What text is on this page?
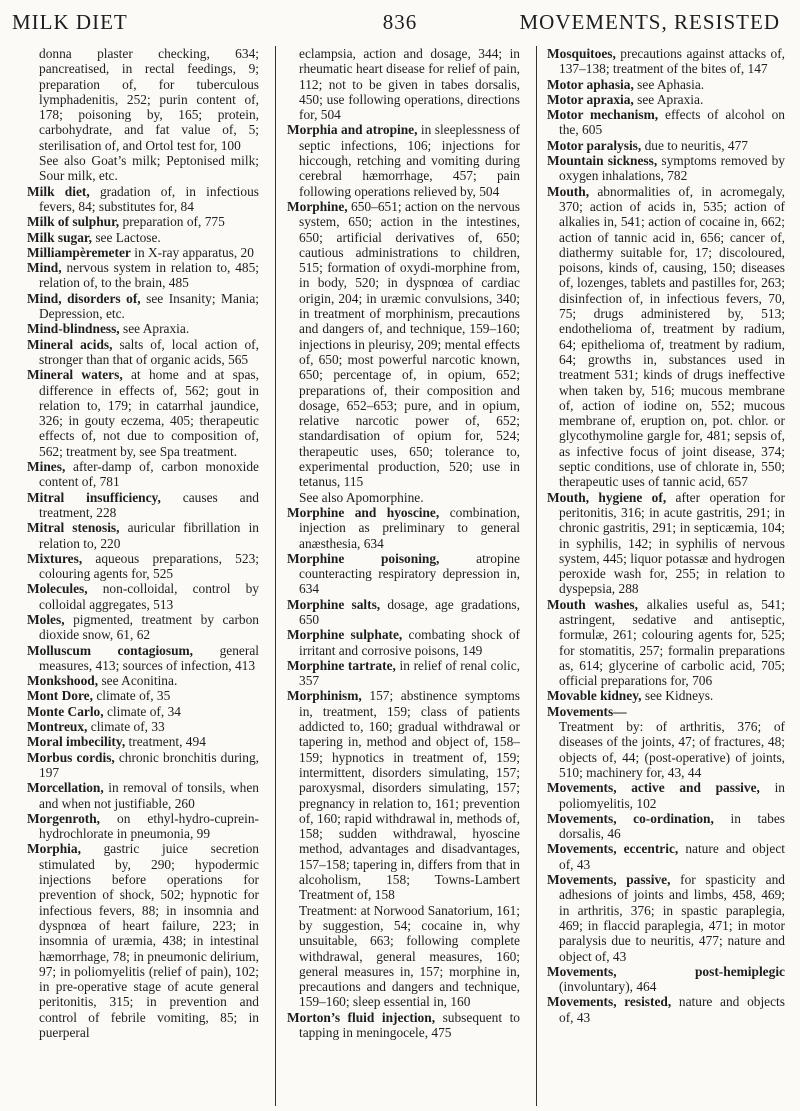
MILK DIET	836	MOVEMENTS, RESISTED

donna plaster checking, 634; pancreatised, in rectal feedings, 9; preparation of, for tuberculous lymphadenitis, 252; purin content of, 178; poisoning by, 165; protein, carbohydrate, and fat value of, 5; sterilisation of, and Ortol test for, 100

See also Goat’s milk; Peptonised milk; Sour milk, etc.

Milk diet, gradation of, in infectious fevers, 84; substitutes for, 84

Milk of sulphur, preparation of, 775

Milk sugar, see Lactose.

Milliampèremeter in X-ray apparatus, 20

Mind, nervous system in relation to, 485; relation of, to the brain, 485

Mind, disorders of, see Insanity; Mania; Depression, etc.

Mind-blindness, see Apraxia.

Mineral acids, salts of, local action of, stronger than that of organic acids, 565

Mineral waters, at home and at spas, difference in effects of, 562; gout in relation to, 179; in catarrhal jaundice, 326; in gouty eczema, 405; therapeutic effects of, not due to composition of, 562; treatment by, see Spa treatment.

Mines, after-damp of, carbon monoxide content of, 781

Mitral insufficiency, causes and treatment, 228

Mitral stenosis, auricular fibrillation in relation to, 220

Mixtures, aqueous preparations, 523; colouring agents for, 525

Molecules, non-colloidal, control by colloidal aggregates, 513

Moles, pigmented, treatment by carbon dioxide snow, 61, 62

Molluscum contagiosum, general measures, 413; sources of infection, 413

Monkshood, see Aconitina.

Mont Dore, climate of, 35

Monte Carlo, climate of, 34

Montreux, climate of, 33

Moral imbecility, treatment, 494

Morbus cordis, chronic bronchitis during, 197

Morcellation, in removal of tonsils, when and when not justifiable, 260

Morgenroth, on ethyl-hydro-cuprein-hydrochlorate in pneumonia, 99

Morphia, gastric juice secretion stimulated by, 290; hypodermic injections before operations for prevention of shock, 502; hypnotic for infectious fevers, 88; in insomnia and dyspnœa of heart failure, 223; in insomnia of uræmia, 438; in intestinal hæmorrhage, 78; in pneumonic delirium, 97; in poliomyelitis (relief of pain), 102; in pre-operative stage of acute general peritonitis, 315; in prevention and control of febrile vomiting, 85; in puerperal

eclampsia, action and dosage, 344; in rheumatic heart disease for relief of pain, 112; not to be given in tabes dorsalis, 450; use following operations, directions for, 504

Morphia and atropine, in sleeplessness of septic infections, 106; injections for hiccough, retching and vomiting during cerebral hæmorrhage, 457; pain following operations relieved by, 504

Morphine, 650–651; action on the nervous system, 650; action in the intestines, 650; artificial derivatives of, 650; cautious administrations to children, 515; formation of oxydi-morphine from, in body, 520; in dyspnœa of cardiac origin, 204; in uræmic convulsions, 340; in treatment of morphinism, precautions and dangers of, and technique, 159–160; injections in pleurisy, 209; mental effects of, 650; most powerful narcotic known, 650; percentage of, in opium, 652; preparations of, their composition and dosage, 652–653; pure, and in opium, relative narcotic power of, 652; standardisation of opium for, 524; therapeutic uses, 650; tolerance to, experimental production, 520; use in tetanus, 115

See also Apomorphine.

Morphine and hyoscine, combination, injection as preliminary to general anæsthesia, 634

Morphine poisoning,	atropine counteracting respiratory depression in, 634

Morphine salts, dosage, age gradations, 650

Morphine sulphate, combating shock of irritant and corrosive poisons, 149

Morphine tartrate, in relief of renal colic, 357

Morphinism, 157; abstinence symptoms in, treatment, 159; class of patients addicted to, 160; gradual withdrawal or tapering in, method and object of, 158–159; hypnotics in treatment of, 159; intermittent, disorders simulating, 157; paroxysmal, disorders simulating, 157; pregnancy in relation to, 161; prevention of, 160; rapid withdrawal in, methods of, 158; sudden withdrawal, hyoscine method, advantages and disadvantages, 157–158; tapering in, differs from that in alcoholism, 158; Towns-Lambert Treatment of, 158

Treatment: at Norwood Sanatorium, 161; by suggestion, 54; cocaine in, why unsuitable, 663; following complete withdrawal, general measures, 160; general measures in, 157; morphine in, precautions and dangers and technique, 159–160; sleep essential in, 160

Morton’s fluid injection, subsequent to tapping in meningocele, 475

Mosquitoes, precautions against attacks of, 137–138; treatment of the bites of, 147

Motor aphasia, see Aphasia.

Motor apraxia, see Apraxia.

Motor mechanism, effects of alcohol on the, 605

Motor paralysis, due to neuritis, 477

Mountain sickness, symptoms removed by oxygen inhalations, 782

Mouth, abnormalities of, in acromegaly, 370; action of acids in, 535; action of alkalies in, 541; action of cocaine in, 662; action of tannic acid in, 656; cancer of, diathermy suitable for, 17; discoloured, poisons, kinds of, causing, 150; diseases of, lozenges, tablets and pastilles for, 263; disinfection of, in infectious fevers, 70, 75; drugs administered by, 513; endothelioma of, treatment by radium, 64; epithelioma of, treatment by radium, 64; growths in, substances used in treatment 531; kinds of drugs ineffective when taken by, 516; mucous membrane of, action of iodine on, 552; mucous membrane of, eruption on, pot. chlor. or glycothymoline gargle for, 481; sepsis of, as infective focus of joint disease, 374; septic conditions, use of chlorate in, 550; therapeutic uses of tannic acid, 657

Mouth, hygiene of, after operation for peritonitis, 316; in acute gastritis, 291; in chronic gastritis, 291; in septicæmia, 104; in syphilis, 142; in syphilis of nervous system, 445; liquor potassæ and hydrogen peroxide wash for, 255; in relation to dyspepsia, 288

Mouth washes, alkalies useful as, 541; astringent, sedative and antiseptic, formulæ, 261; colouring agents for, 525; for stomatitis, 257; formalin preparations as, 614; glycerine of carbolic acid, 705; official preparations for, 706

Movable kidney, see Kidneys.

Movements—

Treatment by: of arthritis, 376; of diseases of the joints, 47; of fractures, 48; objects of, 44; (post-operative) of joints, 510; machinery for, 43, 44

Movements, active and passive, in poliomyelitis, 102

Movements, co-ordination, in tabes dorsalis, 46

Movements, eccentric, nature and object of, 43

Movements, passive, for spasticity and adhesions of joints and limbs, 458, 469; in arthritis, 376; in spastic paraplegia, 469; in flaccid paraplegia, 471; in motor paralysis due to neuritis, 477; nature and object of, 43

Movements, post-hemiplegic (involuntary), 464

Movements, resisted, nature and objects of, 43
